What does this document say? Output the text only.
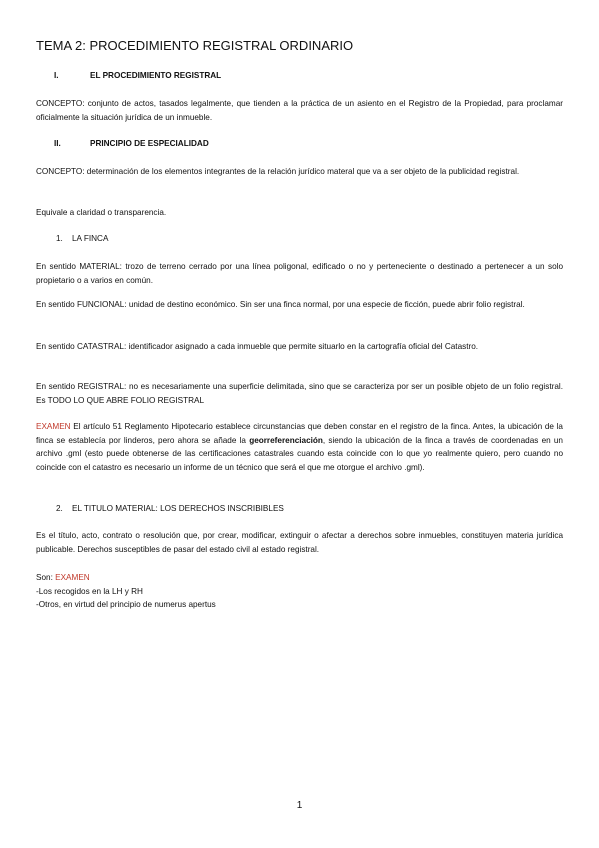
TEMA 2: PROCEDIMIENTO REGISTRAL ORDINARIO
I.	EL PROCEDIMIENTO REGISTRAL
CONCEPTO: conjunto de actos, tasados legalmente, que tienden a la práctica de un asiento en el Registro de la Propiedad, para proclamar oficialmente la situación jurídica de un inmueble.
II.	PRINCIPIO DE ESPECIALIDAD
CONCEPTO: determinación de los elementos integrantes de la relación jurídico materal que va a ser objeto de la publicidad registral.
Equivale a claridad o transparencia.
1. LA FINCA
En sentido MATERIAL: trozo de terreno cerrado por una línea poligonal, edificado o no y perteneciente o destinado a pertenecer a un solo propietario o a varios en común.
En sentido FUNCIONAL: unidad de destino económico. Sin ser una finca normal, por una especie de ficción, puede abrir folio registral.
En sentido CATASTRAL: identificador asignado a cada inmueble que permite situarlo en la cartografía oficial del Catastro.
En sentido REGISTRAL: no es necesariamente una superficie delimitada, sino que se caracteriza por ser un posible objeto de un folio registral. Es TODO LO QUE ABRE FOLIO REGISTRAL
EXAMEN El artículo 51 Reglamento Hipotecario establece circunstancias que deben constar en el registro de la finca. Antes, la ubicación de la finca se establecía por linderos, pero ahora se añade la georreferenciación, siendo la ubicación de la finca a través de coordenadas en un archivo .gml (esto puede obtenerse de las certificaciones catastrales cuando esta coincide con lo que yo realmente quiero, pero cuando no coincide con el catastro es necesario un informe de un técnico que será el que me otorgue el archivo .gml).
2. EL TITULO MATERIAL: LOS DERECHOS INSCRIBIBLES
Es el título, acto, contrato o resolución que, por crear, modificar, extinguir o afectar a derechos sobre inmuebles, constituyen materia jurídica publicable. Derechos susceptibles de pasar del estado civil al estado registral.
Son: EXAMEN
-Los recogidos en la LH y RH
-Otros, en virtud del principio de numerus apertus
1
